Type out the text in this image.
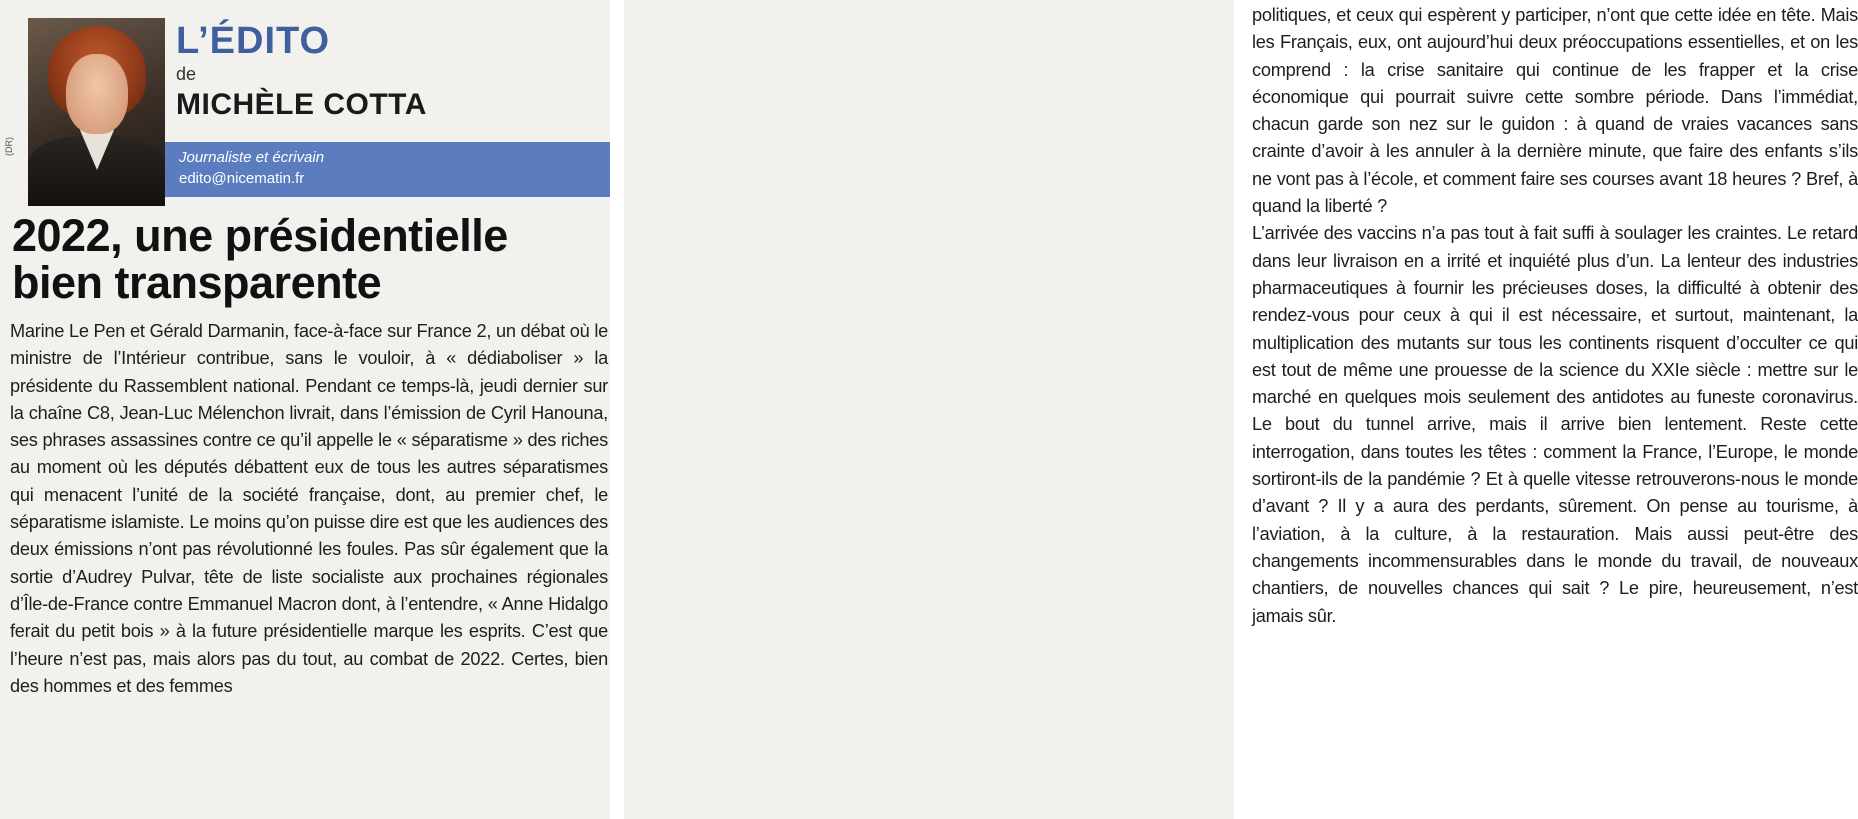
(DR)
L’ÉDITO
de
MICHÈLE COTTA
Journaliste et écrivain
edito@nicematin.fr
2022, une présidentielle
bien transparente

Marine Le Pen et Gérald Darmanin, face-à-face sur France 2, un débat où le ministre de l’Intérieur contribue, sans le vouloir, à « dédiaboliser » la présidente du Rassemblent national. Pendant ce temps-là, jeudi dernier sur la chaîne C8, Jean-Luc Mélenchon livrait, dans l’émission de Cyril Hanouna, ses phrases assassines contre ce qu’il appelle le « séparatisme » des riches au moment où les députés débattent eux de tous les autres séparatismes qui menacent l’unité de la société française, dont, au premier chef, le séparatisme islamiste. Le moins qu’on puisse dire est que les audiences des deux émissions n’ont pas révolutionné les foules. Pas sûr également que la sortie d’Audrey Pulvar, tête de liste socialiste aux prochaines régionales d’Île-de-France contre Emmanuel Macron dont, à l’entendre, « Anne Hidalgo ferait du petit bois » à la future présidentielle marque les esprits. C’est que l’heure n’est pas, mais alors pas du tout, au combat de 2022. Certes, bien des hommes et des femmes

politiques, et ceux qui espèrent y participer, n’ont que cette idée en tête. Mais les Français, eux, ont aujourd’hui deux préoccupations essentielles, et on les comprend : la crise sanitaire qui continue de les frapper et la crise économique qui pourrait suivre cette sombre période. Dans l’immédiat, chacun garde son nez sur le guidon : à quand de vraies vacances sans crainte d’avoir à les annuler à la dernière minute, que faire des enfants s’ils ne vont pas à l’école, et comment faire ses courses avant 18 heures ? Bref, à quand la liberté ?
L’arrivée des vaccins n’a pas tout à fait suffi à soulager les craintes. Le retard dans leur livraison en a irrité et inquiété plus d’un. La lenteur des industries pharmaceutiques à fournir les précieuses doses, la difficulté à obtenir des rendez-vous pour ceux à qui il est nécessaire, et surtout, maintenant, la multiplication des mutants sur tous les continents risquent d’occulter ce qui est tout de même une prouesse de la science du XXIe siècle : mettre sur le marché en quelques mois seulement des antidotes au funeste coronavirus. Le bout du tunnel arrive, mais il arrive bien lentement. Reste cette interrogation, dans toutes les têtes : comment la France, l’Europe, le monde sortiront-ils de la pandémie ? Et à quelle vitesse retrouverons-nous le monde d’avant ? Il y a aura des perdants, sûrement. On pense au tourisme, à l’aviation, à la culture, à la restauration. Mais aussi peut-être des changements incommensurables dans le monde du travail, de nouveaux chantiers, de nouvelles chances qui sait ? Le pire, heureusement, n’est jamais sûr.
